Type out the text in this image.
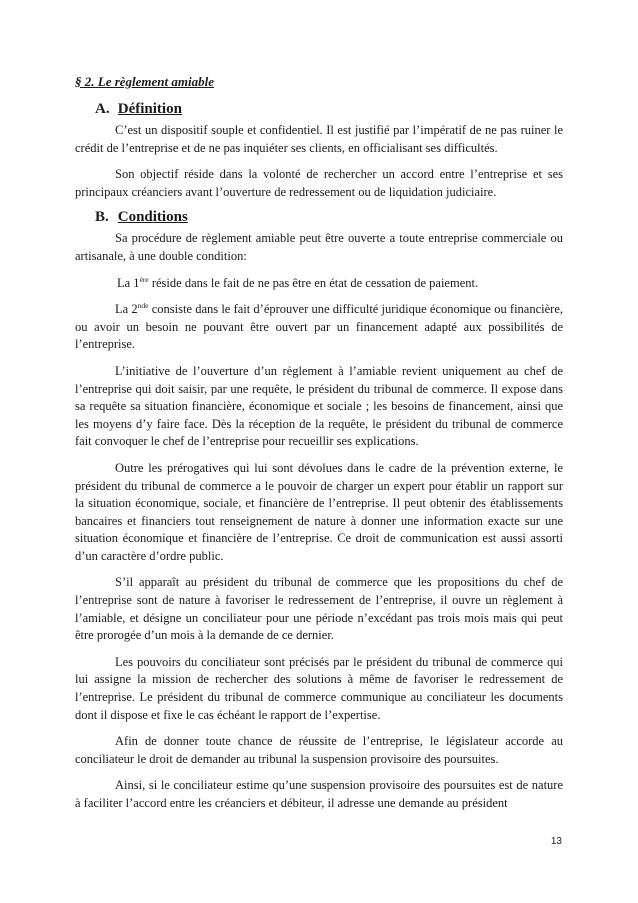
§ 2. Le règlement amiable
A. Définition

C’est un dispositif souple et confidentiel. Il est justifié par l’impératif de ne pas ruiner le crédit de l’entreprise et de ne pas inquiéter ses clients, en officialisant ses difficultés.

Son objectif réside dans la volonté de rechercher un accord entre l’entreprise et ses principaux créanciers avant l’ouverture de redressement ou de liquidation judiciaire.

B. Conditions

Sa procédure de règlement amiable peut être ouverte a toute entreprise commerciale ou artisanale, à une double condition:

La 1ère réside dans le fait de ne pas être en état de cessation de paiement.

La 2nde consiste dans le fait d’éprouver une difficulté juridique économique ou financière, ou avoir un besoin ne pouvant être ouvert par un financement adapté aux possibilités de l’entreprise.

L’initiative de l’ouverture d’un règlement à l’amiable revient uniquement au chef de l’entreprise qui doit saisir, par une requête, le président du tribunal de commerce. Il expose dans sa requête sa situation financière, économique et sociale ; les besoins de financement, ainsi que les moyens d’y faire face. Dès la réception de la requête, le président du tribunal de commerce fait convoquer le chef de l’entreprise pour recueillir ses explications.

Outre les prérogatives qui lui sont dévolues dans le cadre de la prévention externe, le président du tribunal de commerce a le pouvoir de charger un expert pour établir un rapport sur la situation économique, sociale, et financière de l’entreprise. Il peut obtenir des établissements bancaires et financiers tout renseignement de nature à donner une information exacte sur une situation économique et financière de l’entreprise. Ce droit de communication est aussi assorti d’un caractère d’ordre public.

S’il apparaît au président du tribunal de commerce que les propositions du chef de l’entreprise sont de nature à favoriser le redressement de l’entreprise, il ouvre un règlement à l’amiable, et désigne un conciliateur pour une période n’excédant pas trois mois mais qui peut être prorogée d’un mois à la demande de ce dernier.

Les pouvoirs du conciliateur sont précisés par le président du tribunal de commerce qui lui assigne la mission de rechercher des solutions à même de favoriser le redressement de l’entreprise. Le président du tribunal de commerce communique au conciliateur les documents dont il dispose et fixe le cas échéant le rapport de l’expertise.

Afin de donner toute chance de réussite de l’entreprise, le législateur accorde au conciliateur le droit de demander au tribunal la suspension provisoire des poursuites.

Ainsi, si le conciliateur estime qu’une suspension provisoire des poursuites est de nature à faciliter l’accord entre les créanciers et débiteur, il adresse une demande au président

13
